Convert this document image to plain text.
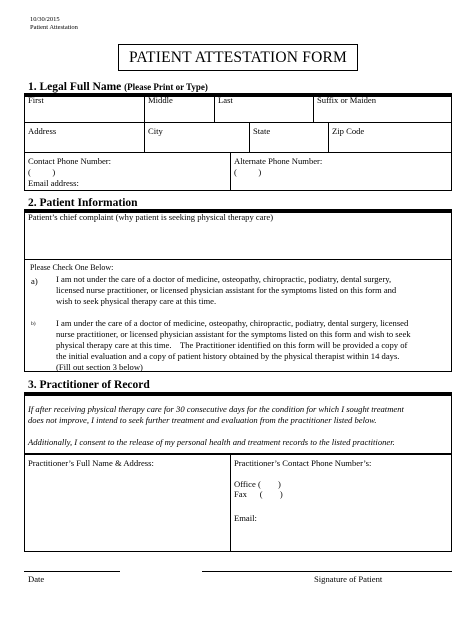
10/30/2015
Patient Attestation
PATIENT ATTESTATION FORM
1. Legal Full Name (Please Print or Type)
First	Middle	Last	Suffix or Maiden
Address	City	State	Zip Code
Contact Phone Number:
(          )
Email address:
Alternate Phone Number:
(          )
2. Patient Information
Patient’s chief complaint (why patient is seeking physical therapy care)
Please Check One Below:
a) I am not under the care of a doctor of medicine, osteopathy, chiropractic, podiatry, dental surgery,
licensed nurse practitioner, or licensed physician assistant for the symptoms listed on this form and
wish to seek physical therapy care at this time.
b) I am under the care of a doctor of medicine, osteopathy, chiropractic, podiatry, dental surgery, licensed
nurse practitioner, or licensed physician assistant for the symptoms listed on this form and wish to seek
physical therapy care at this time.    The Practitioner identified on this form will be provided a copy of
the initial evaluation and a copy of patient history obtained by the physical therapist within 14 days.
(Fill out section 3 below)
3. Practitioner of Record
If after receiving physical therapy care for 30 consecutive days for the condition for which I sought treatment
does not improve, I intend to seek further treatment and evaluation from the practitioner listed below.
Additionally, I consent to the release of my personal health and treatment records to the listed practitioner.
Practitioner’s Full Name & Address:	Practitioner’s Contact Phone Number’s:
Office (        )
Fax      (        )
Email:
Date	Signature of Patient
